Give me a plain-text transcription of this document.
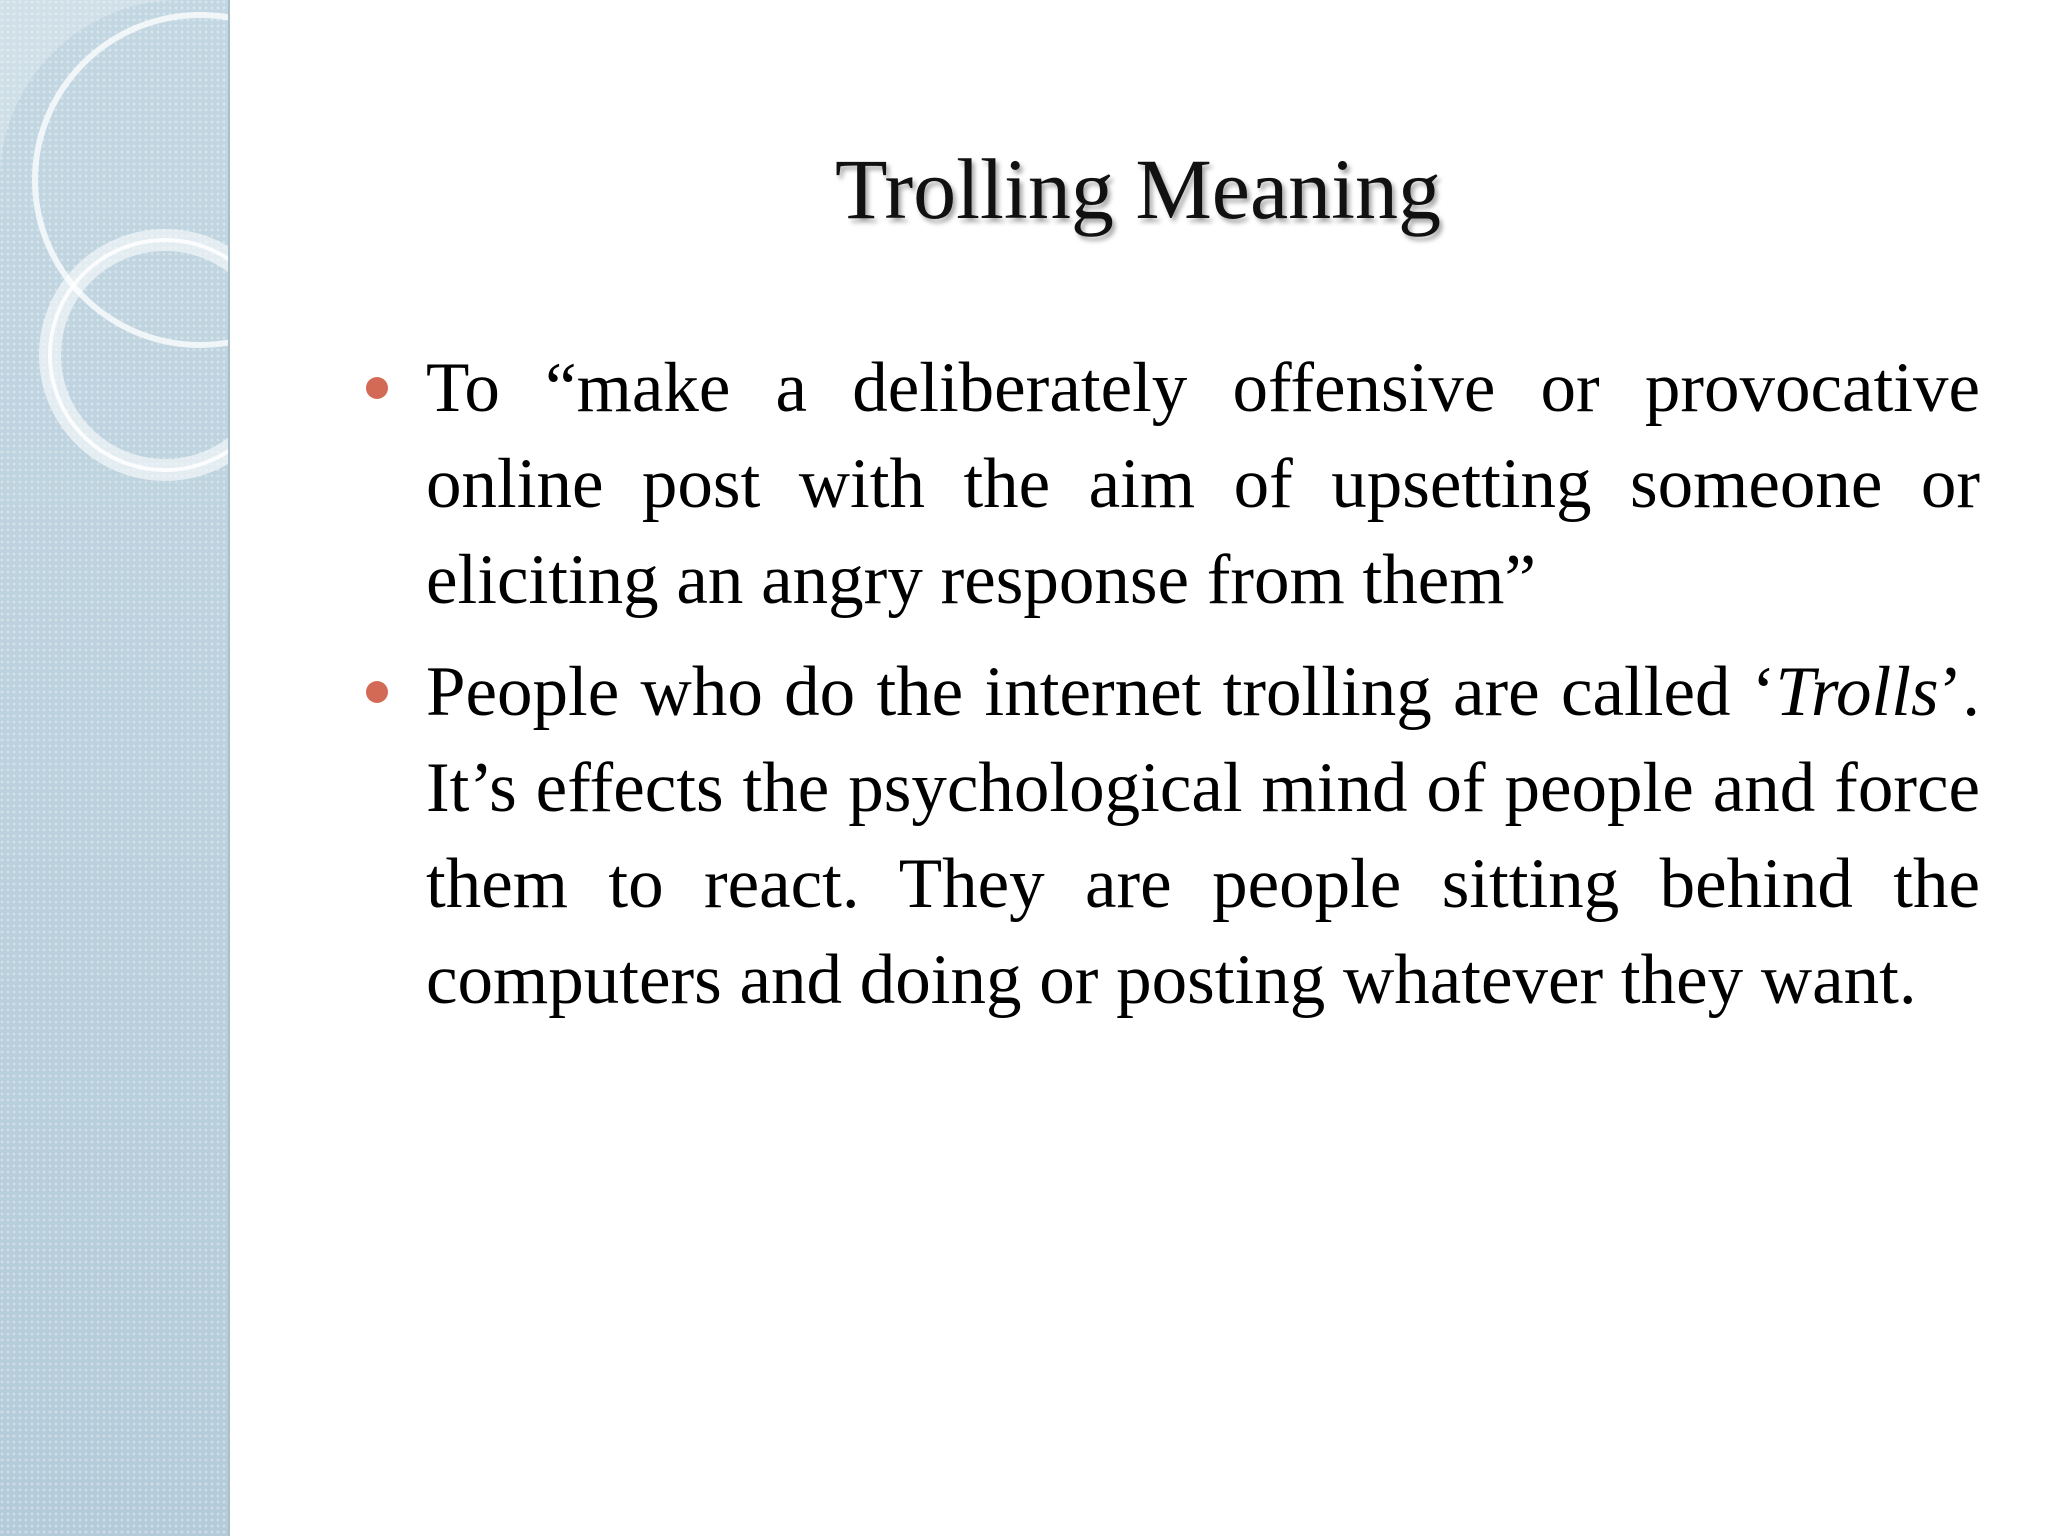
Trolling Meaning
To “make a deliberately offensive or provocative online post with the aim of upsetting someone or eliciting an angry response from them”
People who do the internet trolling are called ‘Trolls’. It’s effects the psychological mind of people and force them to react. They are people sitting behind the computers and doing or posting whatever they want.
